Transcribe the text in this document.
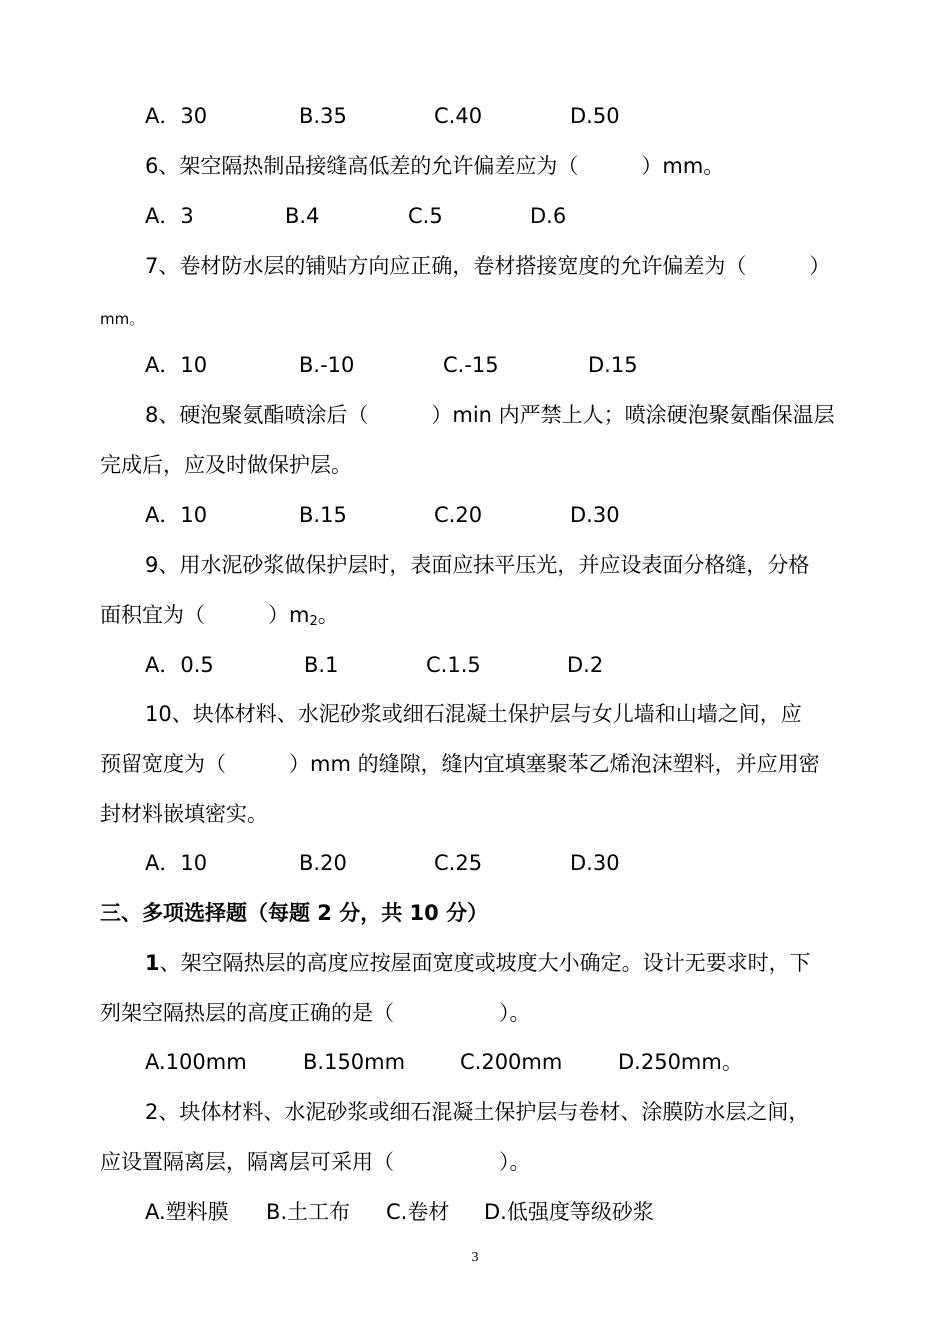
A．30	B.35	C.40	D.50
6、架空隔热制品接缝高低差的允许偏差应为（　　　）mm。
A．3	B.4	C.5	D.6
7、卷材防水层的铺贴方向应正确，卷材搭接宽度的允许偏差为（　　　）
mm。
A．10	B.-10	C.-15	D.15
8、硬泡聚氨酯喷涂后（　　　）min 内严禁上人；喷涂硬泡聚氨酯保温层
完成后，应及时做保护层。
A．10	B.15	C.20	D.30
9、用水泥砂浆做保护层时，表面应抹平压光，并应设表面分格缝，分格
面积宜为（　　　）$m_2$。
A．0.5	B.1	C.1.5	D.2
10、块体材料、水泥砂浆或细石混凝土保护层与女儿墙和山墙之间，应
预留宽度为（　　　）mm 的缝隙，缝内宜填塞聚苯乙烯泡沫塑料，并应用密
封材料嵌填密实。
A．10	B.20	C.25	D.30
三、多项选择题（每题 2 分，共 10 分）
1、架空隔热层的高度应按屋面宽度或坡度大小确定。设计无要求时，下
列架空隔热层的高度正确的是（　　　　　）。
A.100mm	B.150mm	C.200mm	D.250mm。
2、块体材料、水泥砂浆或细石混凝土保护层与卷材、涂膜防水层之间，
应设置隔离层，隔离层可采用（　　　　　）。
A.塑料膜 B.土工布 C.卷材 D.低强度等级砂浆
3
